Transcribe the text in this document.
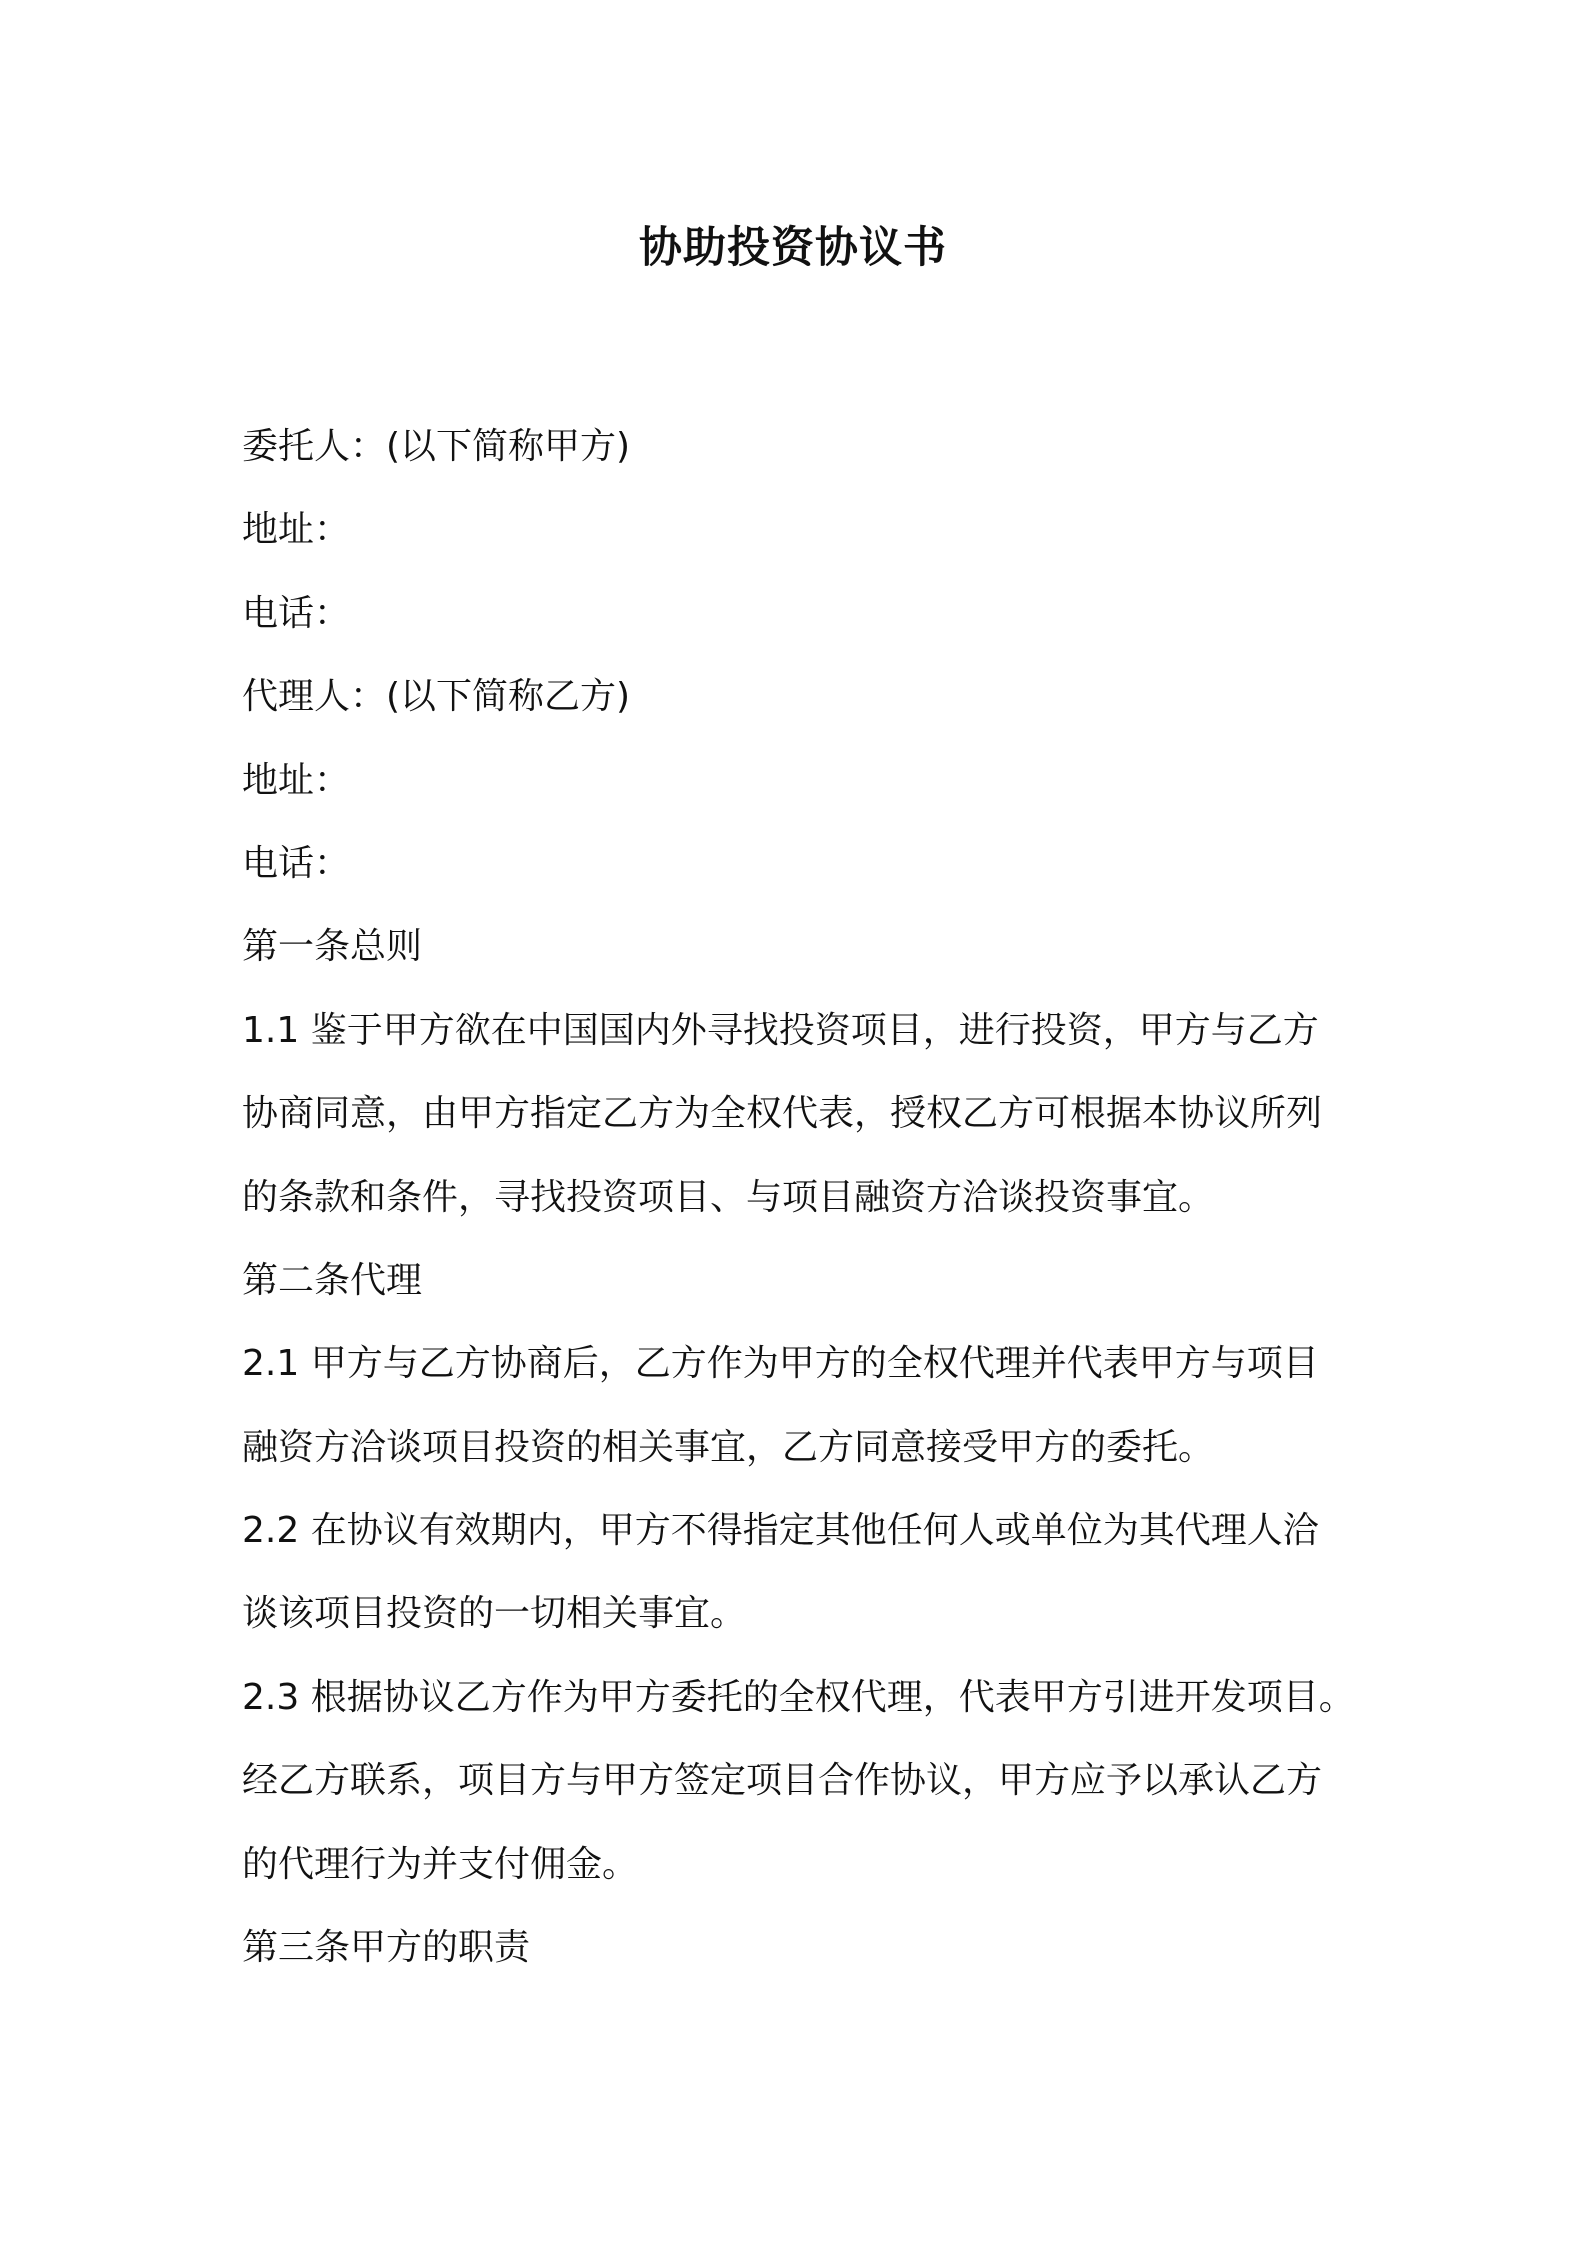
协助投资协议书
委托人：(以下简称甲方)
地址：
电话：
代理人：(以下简称乙方)
地址：
电话：
第一条总则
1.1 鉴于甲方欲在中国国内外寻找投资项目，进行投资，甲方与乙方
协商同意，由甲方指定乙方为全权代表，授权乙方可根据本协议所列
的条款和条件，寻找投资项目、与项目融资方洽谈投资事宜。
第二条代理
2.1 甲方与乙方协商后，乙方作为甲方的全权代理并代表甲方与项目
融资方洽谈项目投资的相关事宜，乙方同意接受甲方的委托。
2.2 在协议有效期内，甲方不得指定其他任何人或单位为其代理人洽
谈该项目投资的一切相关事宜。
2.3 根据协议乙方作为甲方委托的全权代理，代表甲方引进开发项目。
经乙方联系，项目方与甲方签定项目合作协议，甲方应予以承认乙方
的代理行为并支付佣金。
第三条甲方的职责
